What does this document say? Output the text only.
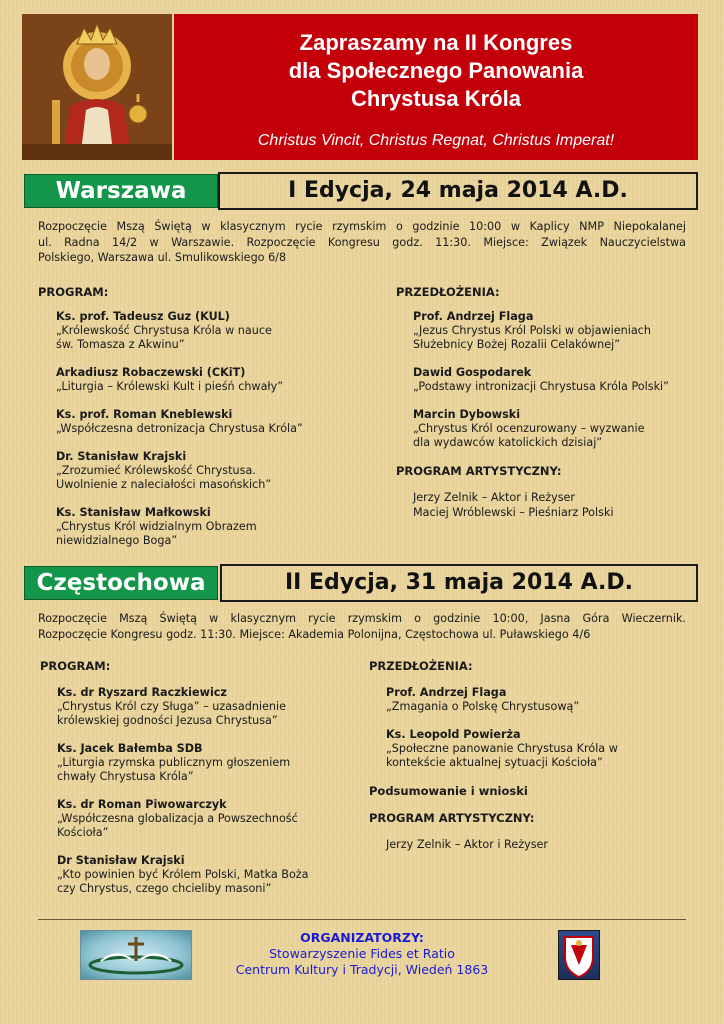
Zapraszamy na II Kongres
dla Społecznego Panowania
Chrystusa Króla
Christus Vincit, Christus Regnat, Christus Imperat!
Warszawa	I Edycja, 24 maja 2014 A.D.
Rozpoczęcie Mszą Świętą w klasycznym rycie rzymskim o godzinie 10:00 w Kaplicy NMP Niepokalanej
ul. Radna 14/2 w Warszawie. Rozpoczęcie Kongresu godz. 11:30. Miejsce: Związek Nauczycielstwa
Polskiego, Warszawa ul. Smulikowskiego 6/8
PROGRAM:	PRZEDŁOŻENIA:
Ks. prof. Tadeusz Guz (KUL)
„Królewskość Chrystusa Króla w nauce
św. Tomasza z Akwinu”
Arkadiusz Robaczewski (CKiT)
„Liturgia – Królewski Kult i pieśń chwały”
Ks. prof. Roman Kneblewski
„Współczesna detronizacja Chrystusa Króla”
Dr. Stanisław Krajski
„Zrozumieć Królewskość Chrystusa.
Uwolnienie z naleciałości masońskich”
Ks. Stanisław Małkowski
„Chrystus Król widzialnym Obrazem
niewidzialnego Boga”
Prof. Andrzej Flaga
„Jezus Chrystus Król Polski w objawieniach
Służebnicy Bożej Rozalii Celakównej”
Dawid Gospodarek
„Podstawy intronizacji Chrystusa Króla Polski”
Marcin Dybowski
„Chrystus Król ocenzurowany – wyzwanie
dla wydawców katolickich dzisiaj”
PROGRAM ARTYSTYCZNY:
Jerzy Zelnik – Aktor i Reżyser
Maciej Wróblewski – Pieśniarz Polski
Częstochowa	II Edycja, 31 maja 2014 A.D.
Rozpoczęcie Mszą Świętą w klasycznym rycie rzymskim o godzinie 10:00, Jasna Góra Wieczernik.
Rozpoczęcie Kongresu godz. 11:30. Miejsce: Akademia Polonijna, Częstochowa ul. Puławskiego 4/6
PROGRAM:	PRZEDŁOŻENIA:
Ks. dr Ryszard Raczkiewicz
„Chrystus Król czy Sługa” – uzasadnienie
królewskiej godności Jezusa Chrystusa”
Ks. Jacek Bałemba SDB
„Liturgia rzymska publicznym głoszeniem
chwały Chrystusa Króla”
Ks. dr Roman Piwowarczyk
„Współczesna globalizacja a Powszechność
Kościoła”
Dr Stanisław Krajski
„Kto powinien być Królem Polski, Matka Boża
czy Chrystus, czego chcieliby masoni”
Prof. Andrzej Flaga
„Zmagania o Polskę Chrystusową”
Ks. Leopold Powierża
„Społeczne panowanie Chrystusa Króla w
kontekście aktualnej sytuacji Kościoła”
Podsumowanie i wnioski
PROGRAM ARTYSTYCZNY:
Jerzy Zelnik – Aktor i Reżyser
ORGANIZATORZY:
Stowarzyszenie Fides et Ratio
Centrum Kultury i Tradycji, Wiedeń 1863
